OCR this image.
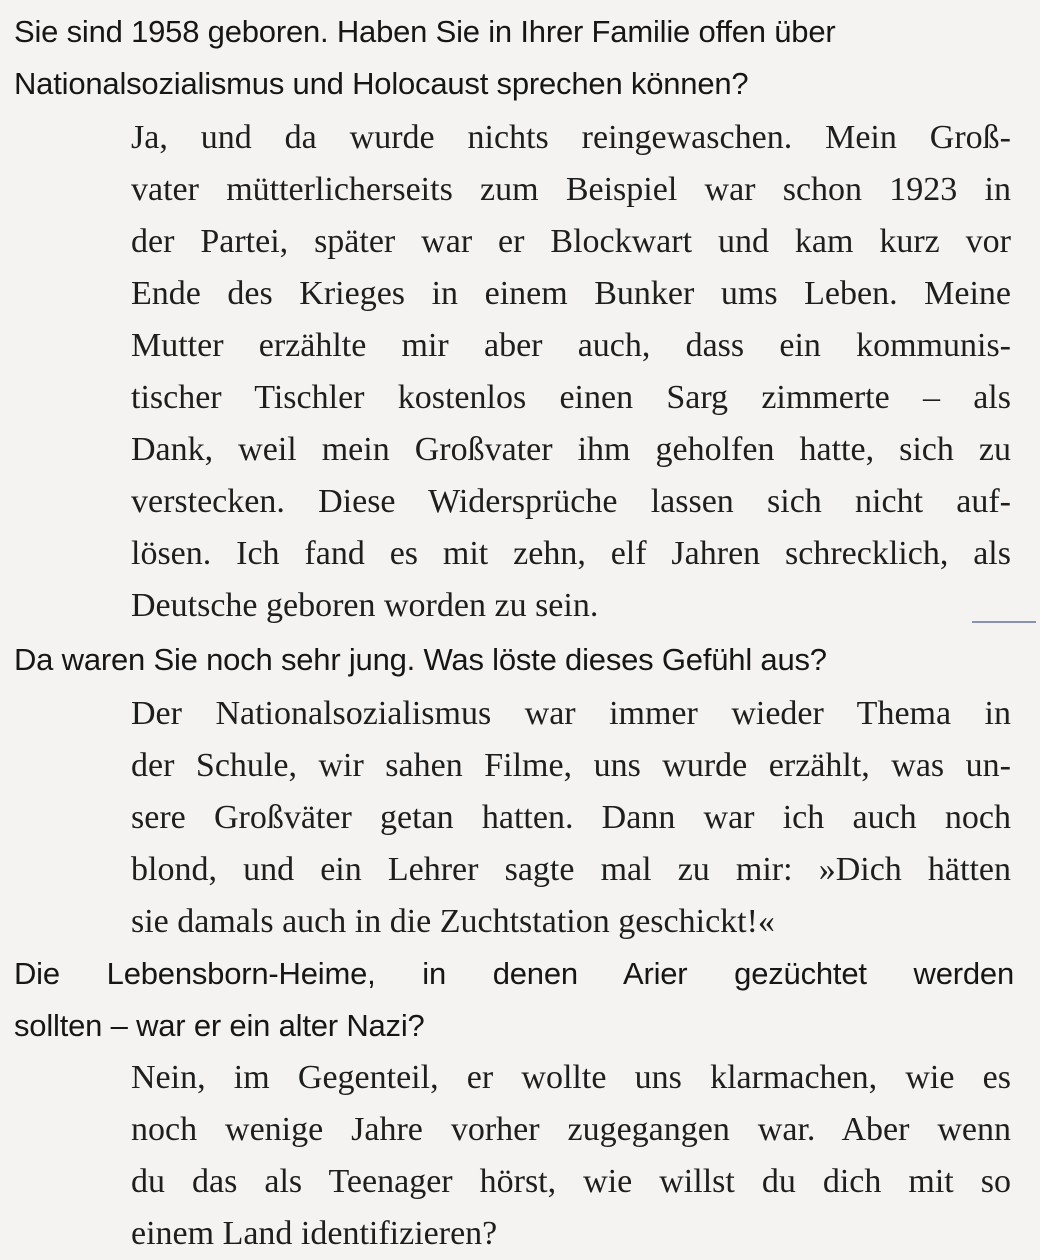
Sie sind 1958 geboren. Haben Sie in Ihrer Familie offen über
Nationalsozialismus und Holocaust sprechen können?
Ja, und da wurde nichts reingewaschen. Mein Groß-
vater mütterlicherseits zum Beispiel war schon 1923 in
der Partei, später war er Blockwart und kam kurz vor
Ende des Krieges in einem Bunker ums Leben. Meine
Mutter erzählte mir aber auch, dass ein kommunis-
tischer Tischler kostenlos einen Sarg zimmerte – als
Dank, weil mein Großvater ihm geholfen hatte, sich zu
verstecken. Diese Widersprüche lassen sich nicht auf-
lösen. Ich fand es mit zehn, elf Jahren schrecklich, als
Deutsche geboren worden zu sein.
Da waren Sie noch sehr jung. Was löste dieses Gefühl aus?
Der Nationalsozialismus war immer wieder Thema in
der Schule, wir sahen Filme, uns wurde erzählt, was un-
sere Großväter getan hatten. Dann war ich auch noch
blond, und ein Lehrer sagte mal zu mir: »Dich hätten
sie damals auch in die Zuchtstation geschickt!«
Die Lebensborn-Heime, in denen Arier gezüchtet werden
sollten – war er ein alter Nazi?
Nein, im Gegenteil, er wollte uns klarmachen, wie es
noch wenige Jahre vorher zugegangen war. Aber wenn
du das als Teenager hörst, wie willst du dich mit so
einem Land identifizieren?
